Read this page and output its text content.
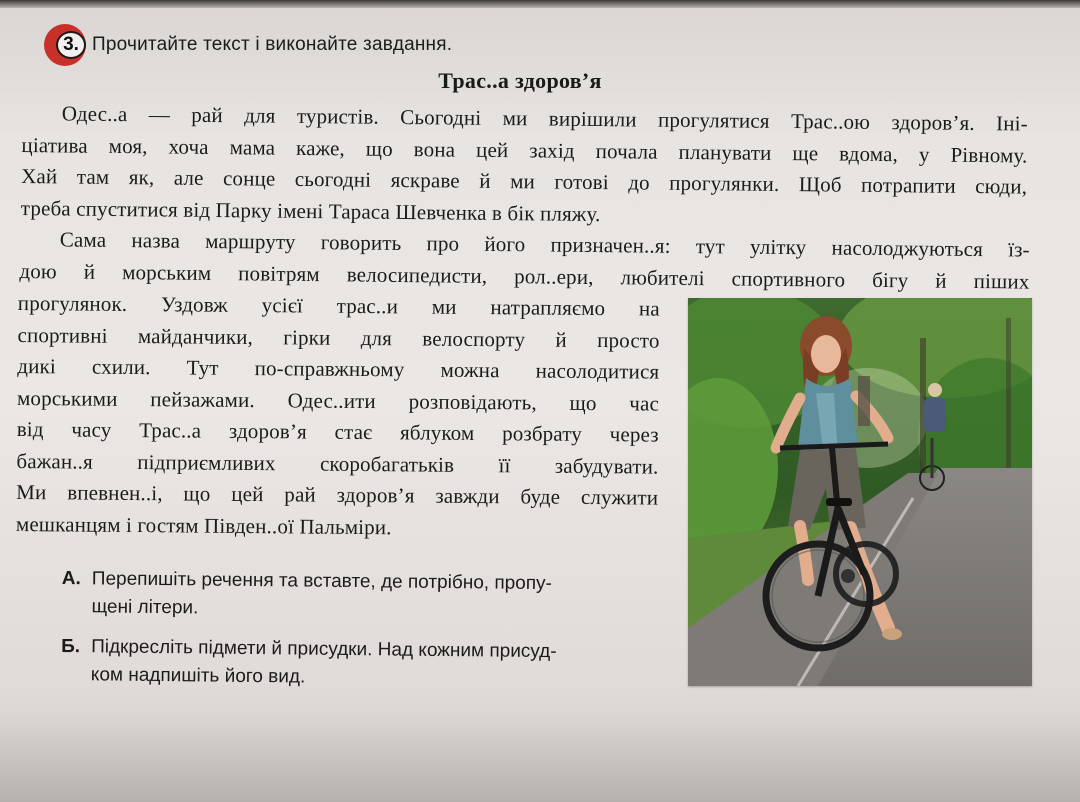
3. Прочитайте текст і виконайте завдання.
Трас..а здоров’я
Одес..а — рай для туристів. Сьогодні ми вирішили прогулятися Трас..ою здоров’я. Іні-
ціатива моя, хоча мама каже, що вона цей захід почала планувати ще вдома, у Рівному.
Хай там як, але сонце сьогодні яскраве й ми готові до прогулянки. Щоб потрапити сюди,
треба спуститися від Парку імені Тараса Шевченка в бік пляжу.
Сама назва маршруту говорить про його призначен..я: тут улітку насолоджуються їз-
дою й морським повітрям велосипедисти, рол..ери, любителі спортивного бігу й піших
прогулянок. Уздовж усієї трас..и ми натрапляємо на
спортивні майданчики, гірки для велоспорту й просто
дикі схили. Тут по-справжньому можна насолодитися
морськими пейзажами. Одес..ити розповідають, що час
від часу Трас..а здоров’я стає яблуком розбрату через
бажан..я підприємливих скоробагатьків її забудувати.
Ми впевнен..і, що цей рай здоров’я завжди буде служити
мешканцям і гостям Півден..ої Пальміри.
А. Перепишіть речення та вставте, де потрібно, пропу-
щені літери.
Б. Підкресліть підмети й присудки. Над кожним присуд-
ком надпишіть його вид.
